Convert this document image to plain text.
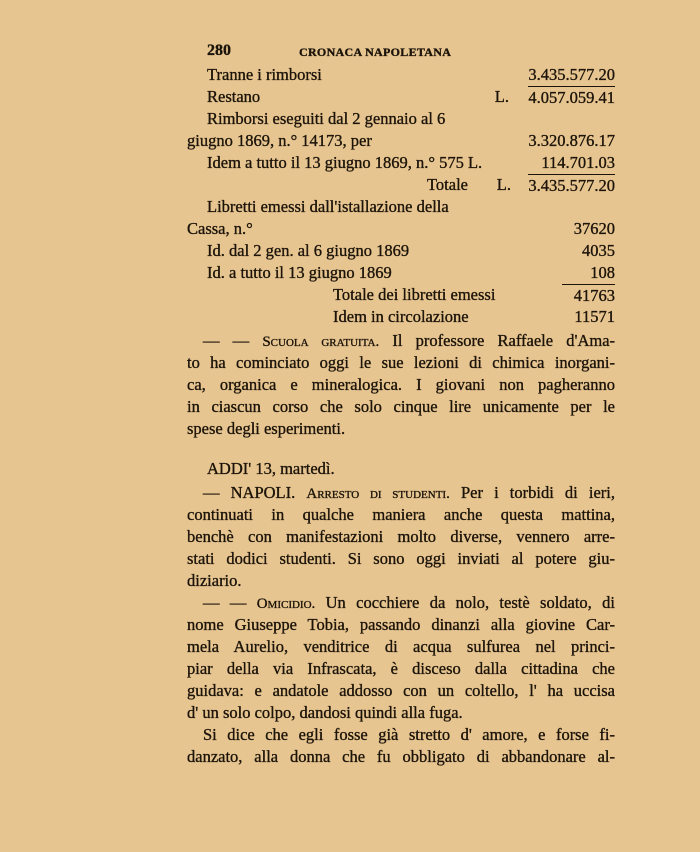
280	CRONACA NAPOLETANA
Tranne i rimborsi	3.435.577.20
Restano	L. 4.057.059.41
Rimborsi eseguiti dal 2 gennaio al 6
giugno 1869, n.° 14173, per	3.320.876.17
Idem a tutto il 13 giugno 1869, n.° 575 L.	114.701.03
Totale L. 3.435.577.20
Libretti emessi dall'istallazione della
Cassa, n.°	37620
Id. dal 2 gen. al 6 giugno 1869	4035
Id. a tutto il 13 giugno 1869	108
Totale dei libretti emessi	41763
Idem in circolazione	11571
— — Scuola gratuita. Il professore Raffaele d'Ama-
to ha cominciato oggi le sue lezioni di chimica inorgani-
ca, organica e mineralogica. I giovani non pagheranno
in ciascun corso che solo cinque lire unicamente per le
spese degli esperimenti.
ADDI' 13, martedì.
— NAPOLI. Arresto di studenti. Per i torbidi di ieri,
continuati in qualche maniera anche questa mattina,
benchè con manifestazioni molto diverse, vennero arre-
stati dodici studenti. Si sono oggi inviati al potere giu-
diziario.
— — Omicidio. Un cocchiere da nolo, testè soldato, di
nome Giuseppe Tobia, passando dinanzi alla giovine Car-
mela Aurelio, venditrice di acqua sulfurea nel princi-
piar della via Infrascata, è disceso dalla cittadina che
guidava: e andatole addosso con un coltello, l' ha uccisa
d' un solo colpo, dandosi quindi alla fuga.
Si dice che egli fosse già stretto d' amore, e forse fi-
danzato, alla donna che fu obbligato di abbandonare al-
